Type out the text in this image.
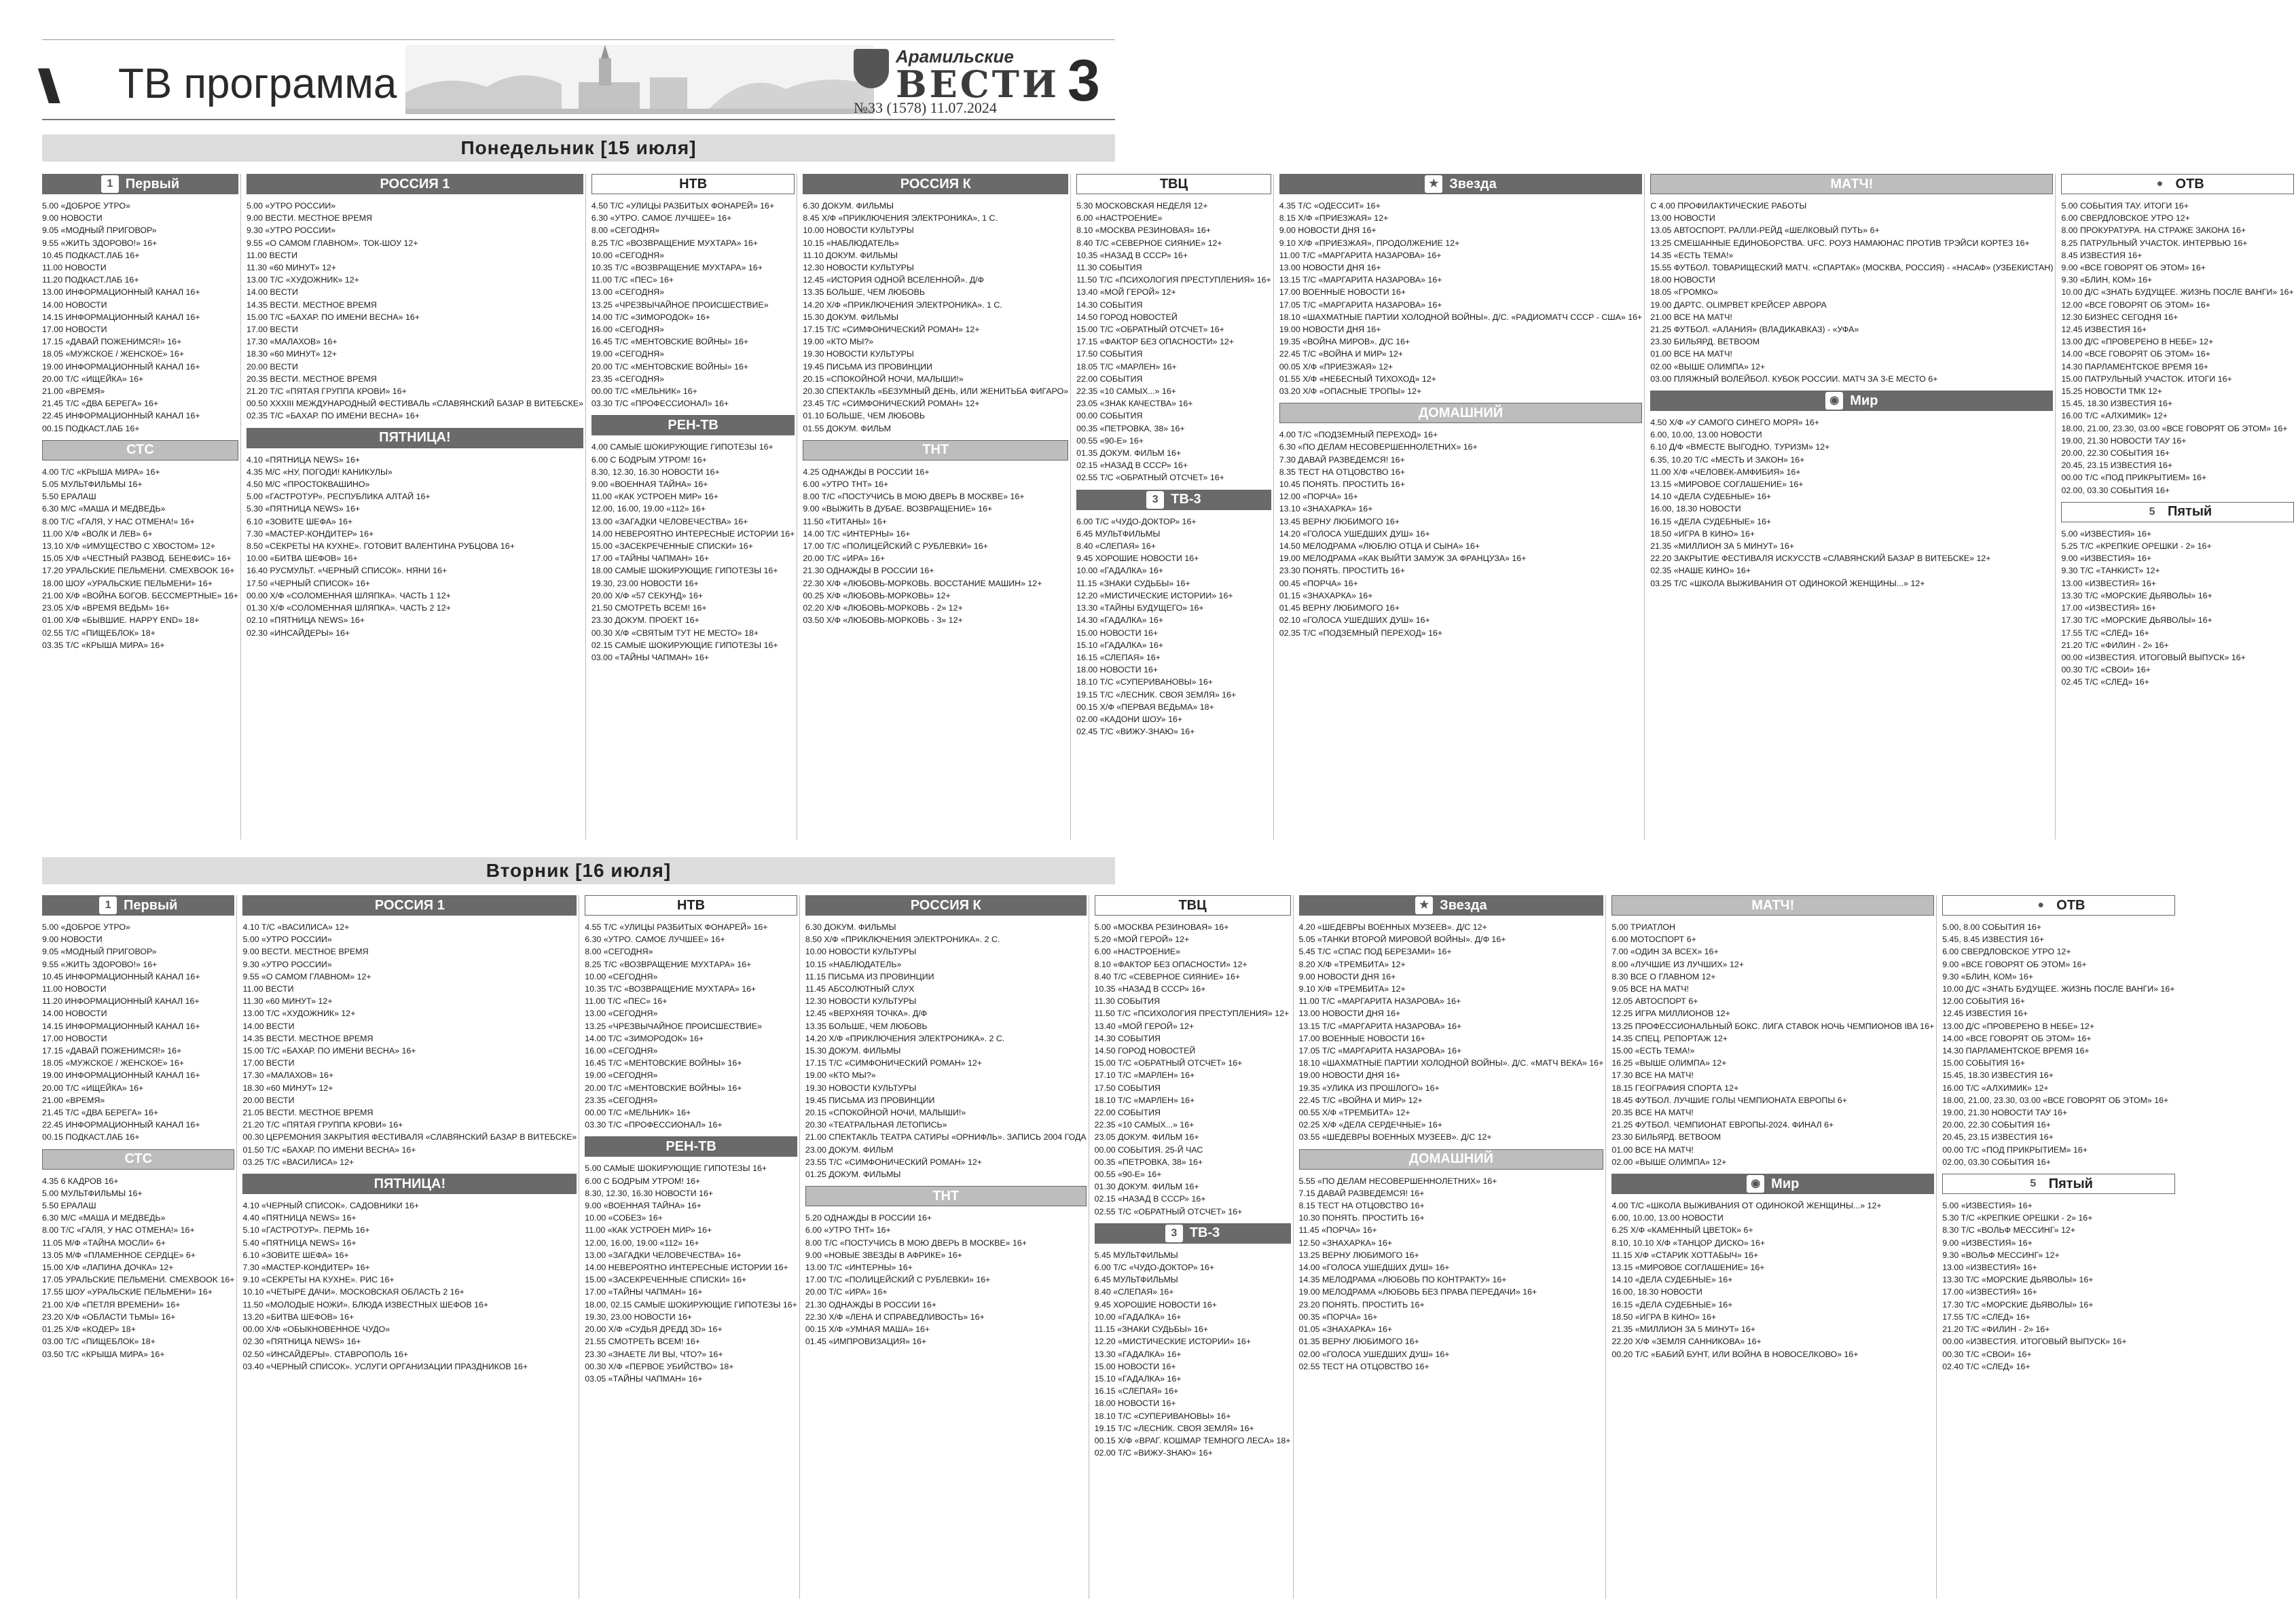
ТВ программа
Арамильские
ВЕСТИ
№33 (1578) 11.07.2024 3
Понедельник [15 июля]
1 Первый
5.00 «ДОБРОЕ УТРО»
9.00 НОВОСТИ
9.05 «МОДНЫЙ ПРИГОВОР»
9.55 «ЖИТЬ ЗДОРОВО!» 16+
10.45 ПОДКАСТ.ЛАБ 16+
11.00 НОВОСТИ
11.20 ПОДКАСТ.ЛАБ 16+
13.00 ИНФОРМАЦИОННЫЙ КАНАЛ 16+
14.00 НОВОСТИ
14.15 ИНФОРМАЦИОННЫЙ КАНАЛ 16+
17.00 НОВОСТИ
17.15 «ДАВАЙ ПОЖЕНИМСЯ!» 16+
18.05 «МУЖСКОЕ / ЖЕНСКОЕ» 16+
19.00 ИНФОРМАЦИОННЫЙ КАНАЛ 16+
20.00 Т/С «ИЩЕЙКА» 16+
21.00 «ВРЕМЯ»
21.45 Т/С «ДВА БЕРЕГА» 16+
22.45 ИНФОРМАЦИОННЫЙ КАНАЛ 16+
00.15 ПОДКАСТ.ЛАБ 16+
СТС
4.00 Т/С «КРЫША МИРА» 16+
5.05 МУЛЬТФИЛЬМЫ 16+
5.50 ЕРАЛАШ
6.30 М/С «МАША И МЕДВЕДЬ»
8.00 Т/С «ГАЛЯ, У НАС ОТМЕНА!» 16+
11.00 Х/Ф «ВОЛК И ЛЕВ» 6+
13.10 Х/Ф «ИМУЩЕСТВО С ХВОСТОМ» 12+
15.05 Х/Ф «ЧЕСТНЫЙ РАЗВОД. БЕНЕФИС» 16+
17.20 УРАЛЬСКИЕ ПЕЛЬМЕНИ. СМЕХBOOK 16+
18.00 ШОУ «УРАЛЬСКИЕ ПЕЛЬМЕНИ» 16+
21.00 Х/Ф «ВОЙНА БОГОВ. БЕССМЕРТНЫЕ» 16+
23.05 Х/Ф «ВРЕМЯ ВЕДЬМ» 16+
01.00 Х/Ф «БЫВШИЕ. HAPPY END» 18+
02.55 Т/С «ПИЩЕБЛОК» 18+
03.35 Т/С «КРЫША МИРА» 16+
РОССИЯ 1
5.00 «УТРО РОССИИ»
9.00 ВЕСТИ. МЕСТНОЕ ВРЕМЯ
9.30 «УТРО РОССИИ»
9.55 «О САМОМ ГЛАВНОМ». ТОК-ШОУ 12+
11.00 ВЕСТИ
11.30 «60 МИНУТ» 12+
13.00 Т/С «ХУДОЖНИК» 12+
14.00 ВЕСТИ
14.35 ВЕСТИ. МЕСТНОЕ ВРЕМЯ
15.00 Т/С «БАХАР. ПО ИМЕНИ ВЕСНА» 16+
17.00 ВЕСТИ
17.30 «МАЛАХОВ» 16+
18.30 «60 МИНУТ» 12+
20.00 ВЕСТИ
20.35 ВЕСТИ. МЕСТНОЕ ВРЕМЯ
21.20 Т/С «ПЯТАЯ ГРУППА КРОВИ» 16+
00.50 XXXIII МЕЖДУНАРОДНЫЙ ФЕСТИВАЛЬ «СЛАВЯНСКИЙ БАЗАР В ВИТЕБСКЕ»
02.35 Т/С «БАХАР. ПО ИМЕНИ ВЕСНА» 16+
ПЯТНИЦА!
4.10 «ПЯТНИЦА NEWS» 16+
4.35 М/С «НУ, ПОГОДИ! КАНИКУЛЫ»
4.50 М/С «ПРОСТОКВАШИНО»
5.00 «ГАСТРОТУР». РЕСПУБЛИКА АЛТАЙ 16+
5.30 «ПЯТНИЦА NEWS» 16+
6.10 «ЗОВИТЕ ШЕФА» 16+
7.30 «МАСТЕР-КОНДИТЕР» 16+
8.50 «СЕКРЕТЫ НА КУХНЕ». ГОТОВИТ ВАЛЕНТИНА РУБЦОВА 16+
10.00 «БИТВА ШЕФОВ» 16+
16.40 РУСМУЛЬТ. «ЧЕРНЫЙ СПИСОК». НЯНИ 16+
17.50 «ЧЕРНЫЙ СПИСОК» 16+
00.00 Х/Ф «СОЛОМЕННАЯ ШЛЯПКА». ЧАСТЬ 1 12+
01.30 Х/Ф «СОЛОМЕННАЯ ШЛЯПКА». ЧАСТЬ 2 12+
02.10 «ПЯТНИЦА NEWS» 16+
02.30 «ИНСАЙДЕРЫ» 16+
НТВ
4.50 Т/С «УЛИЦЫ РАЗБИТЫХ ФОНАРЕЙ» 16+
6.30 «УТРО. САМОЕ ЛУЧШЕЕ» 16+
8.00 «СЕГОДНЯ»
8.25 Т/С «ВОЗВРАЩЕНИЕ МУХТАРА» 16+
10.00 «СЕГОДНЯ»
10.35 Т/С «ВОЗВРАЩЕНИЕ МУХТАРА» 16+
11.00 Т/С «ПЕС» 16+
13.00 «СЕГОДНЯ»
13.25 «ЧРЕЗВЫЧАЙНОЕ ПРОИСШЕСТВИЕ»
14.00 Т/С «ЗИМОРОДОК» 16+
16.00 «СЕГОДНЯ»
16.45 Т/С «МЕНТОВСКИЕ ВОЙНЫ» 16+
19.00 «СЕГОДНЯ»
20.00 Т/С «МЕНТОВСКИЕ ВОЙНЫ» 16+
23.35 «СЕГОДНЯ»
00.00 Т/С «МЕЛЬНИК» 16+
03.30 Т/С «ПРОФЕССИОНАЛ» 16+
РЕН-ТВ
4.00 САМЫЕ ШОКИРУЮЩИЕ ГИПОТЕЗЫ 16+
6.00 С БОДРЫМ УТРОМ! 16+
8.30, 12.30, 16.30 НОВОСТИ 16+
9.00 «ВОЕННАЯ ТАЙНА» 16+
11.00 «КАК УСТРОЕН МИР» 16+
12.00, 16.00, 19.00 «112» 16+
13.00 «ЗАГАДКИ ЧЕЛОВЕЧЕСТВА» 16+
14.00 НЕВЕРОЯТНО ИНТЕРЕСНЫЕ ИСТОРИИ 16+
15.00 «ЗАСЕКРЕЧЕННЫЕ СПИСКИ» 16+
17.00 «ТАЙНЫ ЧАПМАН» 16+
18.00 САМЫЕ ШОКИРУЮЩИЕ ГИПОТЕЗЫ 16+
19.30, 23.00 НОВОСТИ 16+
20.00 Х/Ф «57 СЕКУНД» 16+
21.50 СМОТРЕТЬ ВСЕМ! 16+
23.30 ДОКУМ. ПРОЕКТ 16+
00.30 Х/Ф «СВЯТЫМ ТУТ НЕ МЕСТО» 18+
02.15 САМЫЕ ШОКИРУЮЩИЕ ГИПОТЕЗЫ 16+
03.00 «ТАЙНЫ ЧАПМАН» 16+
РОССИЯ К
6.30 ДОКУМ. ФИЛЬМЫ
8.45 Х/Ф «ПРИКЛЮЧЕНИЯ ЭЛЕКТРОНИКА», 1 С.
10.00 НОВОСТИ КУЛЬТУРЫ
10.15 «НАБЛЮДАТЕЛЬ»
11.10 ДОКУМ. ФИЛЬМЫ
12.30 НОВОСТИ КУЛЬТУРЫ
12.45 «ИСТОРИЯ ОДНОЙ ВСЕЛЕННОЙ». Д/Ф
13.35 БОЛЬШЕ, ЧЕМ ЛЮБОВЬ
14.20 Х/Ф «ПРИКЛЮЧЕНИЯ ЭЛЕКТРОНИКА». 1 С.
15.30 ДОКУМ. ФИЛЬМЫ
17.15 Т/С «СИМФОНИЧЕСКИЙ РОМАН» 12+
19.00 «КТО МЫ?»
19.30 НОВОСТИ КУЛЬТУРЫ
19.45 ПИСЬМА ИЗ ПРОВИНЦИИ
20.15 «СПОКОЙНОЙ НОЧИ, МАЛЫШИ!»
20.30 СПЕКТАКЛЬ «БЕЗУМНЫЙ ДЕНЬ, ИЛИ ЖЕНИТЬБА ФИГАРО»
23.45 Т/С «СИМФОНИЧЕСКИЙ РОМАН» 12+
01.10 БОЛЬШЕ, ЧЕМ ЛЮБОВЬ
01.55 ДОКУМ. ФИЛЬМ
ТНТ
4.25 ОДНАЖДЫ В РОССИИ 16+
6.00 «УТРО ТНТ» 16+
8.00 Т/С «ПОСТУЧИСЬ В МОЮ ДВЕРЬ В МОСКВЕ» 16+
9.00 «ВЫЖИТЬ В ДУБАЕ. ВОЗВРАЩЕНИЕ» 16+
11.50 «ТИТАНЫ» 16+
14.00 Т/С «ИНТЕРНЫ» 16+
17.00 Т/С «ПОЛИЦЕЙСКИЙ С РУБЛЕВКИ» 16+
20.00 Т/С «ИРА» 16+
21.30 ОДНАЖДЫ В РОССИИ 16+
22.30 Х/Ф «ЛЮБОВЬ-МОРКОВЬ. ВОССТАНИЕ МАШИН» 12+
00.25 Х/Ф «ЛЮБОВЬ-МОРКОВЬ» 12+
02.20 Х/Ф «ЛЮБОВЬ-МОРКОВЬ - 2» 12+
03.50 Х/Ф «ЛЮБОВЬ-МОРКОВЬ - 3» 12+
ТВЦ
5.30 МОСКОВСКАЯ НЕДЕЛЯ 12+
6.00 «НАСТРОЕНИЕ»
8.10 «МОСКВА РЕЗИНОВАЯ» 16+
8.40 Т/С «СЕВЕРНОЕ СИЯНИЕ» 12+
10.35 «НАЗАД В СССР» 16+
11.30 СОБЫТИЯ
11.50 Т/С «ПСИХОЛОГИЯ ПРЕСТУПЛЕНИЯ» 16+
13.40 «МОЙ ГЕРОЙ» 12+
14.30 СОБЫТИЯ
14.50 ГОРОД НОВОСТЕЙ
15.00 Т/С «ОБРАТНЫЙ ОТСЧЕТ» 16+
17.15 «ФАКТОР БЕЗ ОПАСНОСТИ» 12+
17.50 СОБЫТИЯ
18.05 Т/С «МАРЛЕН» 16+
22.00 СОБЫТИЯ
22.35 «10 САМЫХ...» 16+
23.05 «ЗНАК КАЧЕСТВА» 16+
00.00 СОБЫТИЯ
00.35 «ПЕТРОВКА, 38» 16+
00.55 «90-Е» 16+
01.35 ДОКУМ. ФИЛЬМ 16+
02.15 «НАЗАД В СССР» 16+
02.55 Т/С «ОБРАТНЫЙ ОТСЧЕТ» 16+
3 ТВ-3
6.00 Т/С «ЧУДО-ДОКТОР» 16+
6.45 МУЛЬТФИЛЬМЫ
8.40 «СЛЕПАЯ» 16+
9.45 ХОРОШИЕ НОВОСТИ 16+
10.00 «ГАДАЛКА» 16+
11.15 «ЗНАКИ СУДЬБЫ» 16+
12.20 «МИСТИЧЕСКИЕ ИСТОРИИ» 16+
13.30 «ТАЙНЫ БУДУЩЕГО» 16+
14.30 «ГАДАЛКА» 16+
15.00 НОВОСТИ 16+
15.10 «ГАДАЛКА» 16+
16.15 «СЛЕПАЯ» 16+
18.00 НОВОСТИ 16+
18.10 Т/С «СУПЕРИВАНОВЫ» 16+
19.15 Т/С «ЛЕСНИК. СВОЯ ЗЕМЛЯ» 16+
00.15 Х/Ф «ПЕРВАЯ ВЕДЬМА» 18+
02.00 «КАДОНИ ШОУ» 16+
02.45 Т/С «ВИЖУ-ЗНАЮ» 16+
★ Звезда
4.35 Т/С «ОДЕССИТ» 16+
8.15 Х/Ф «ПРИЕЗЖАЯ» 12+
9.00 НОВОСТИ ДНЯ 16+
9.10 Х/Ф «ПРИЕЗЖАЯ», ПРОДОЛЖЕНИЕ 12+
11.00 Т/С «МАРГАРИТА НАЗАРОВА» 16+
13.00 НОВОСТИ ДНЯ 16+
13.15 Т/С «МАРГАРИТА НАЗАРОВА» 16+
17.00 ВОЕННЫЕ НОВОСТИ 16+
17.05 Т/С «МАРГАРИТА НАЗАРОВА» 16+
18.10 «ШАХМАТНЫЕ ПАРТИИ ХОЛОДНОЙ ВОЙНЫ». Д/С. «РАДИОМАТЧ СССР - США» 16+
19.00 НОВОСТИ ДНЯ 16+
19.35 «ВОЙНА МИРОВ». Д/С 16+
22.45 Т/С «ВОЙНА И МИР» 12+
00.05 Х/Ф «ПРИЕЗЖАЯ» 12+
01.55 Х/Ф «НЕБЕСНЫЙ ТИХОХОД» 12+
03.20 Х/Ф «ОПАСНЫЕ ТРОПЫ» 12+
ДОМАШНИЙ
4.00 Т/С «ПОДЗЕМНЫЙ ПЕРЕХОД» 16+
6.30 «ПО ДЕЛАМ НЕСОВЕРШЕННОЛЕТНИХ» 16+
7.30 ДАВАЙ РАЗВЕДЕМСЯ! 16+
8.35 ТЕСТ НА ОТЦОВСТВО 16+
10.45 ПОНЯТЬ. ПРОСТИТЬ 16+
12.00 «ПОРЧА» 16+
13.10 «ЗНАХАРКА» 16+
13.45 ВЕРНУ ЛЮБИМОГО 16+
14.20 «ГОЛОСА УШЕДШИХ ДУШ» 16+
14.50 МЕЛОДРАМА «ЛЮБЛЮ ОТЦА И СЫНА» 16+
19.00 МЕЛОДРАМА «КАК ВЫЙТИ ЗАМУЖ ЗА ФРАНЦУЗА» 16+
23.30 ПОНЯТЬ. ПРОСТИТЬ 16+
00.45 «ПОРЧА» 16+
01.15 «ЗНАХАРКА» 16+
01.45 ВЕРНУ ЛЮБИМОГО 16+
02.10 «ГОЛОСА УШЕДШИХ ДУШ» 16+
02.35 Т/С «ПОДЗЕМНЫЙ ПЕРЕХОД» 16+
МАТЧ!
С 4.00 ПРОФИЛАКТИЧЕСКИЕ РАБОТЫ
13.00 НОВОСТИ
13.05 АВТОСПОРТ. РАЛЛИ-РЕЙД «ШЕЛКОВЫЙ ПУТЬ» 6+
13.25 СМЕШАННЫЕ ЕДИНОБОРСТВА. UFC. РОУЗ НАМАЮНАС ПРОТИВ ТРЭЙСИ КОРТЕЗ 16+
14.35 «ЕСТЬ ТЕМА!»
15.55 ФУТБОЛ. ТОВАРИЩЕСКИЙ МАТЧ. «СПАРТАК» (МОСКВА, РОССИЯ) - «НАСАФ» (УЗБЕКИСТАН)
18.00 НОВОСТИ
18.05 «ГРОМКО»
19.00 ДАРТС. OLIMPBET КРЕЙСЕР АВРОРА
21.00 ВСЕ НА МАТЧ!
21.25 ФУТБОЛ. «АЛАНИЯ» (ВЛАДИКАВКАЗ) - «УФА»
23.30 БИЛЬЯРД. BETBOOM
01.00 ВСЕ НА МАТЧ!
02.00 «ВЫШЕ ОЛИМПА» 12+
03.00 ПЛЯЖНЫЙ ВОЛЕЙБОЛ. КУБОК РОССИИ. МАТЧ ЗА 3-Е МЕСТО 6+
◉ Мир
4.50 Х/Ф «У САМОГО СИНЕГО МОРЯ» 16+
6.00, 10.00, 13.00 НОВОСТИ
6.10 Д/Ф «ВМЕСТЕ ВЫГОДНО. ТУРИЗМ» 12+
6.35, 10.20 Т/С «МЕСТЬ И ЗАКОН» 16+
11.00 Х/Ф «ЧЕЛОВЕК-АМФИБИЯ» 16+
13.15 «МИРОВОЕ СОГЛАШЕНИЕ» 16+
14.10 «ДЕЛА СУДЕБНЫЕ» 16+
16.00, 18.30 НОВОСТИ
16.15 «ДЕЛА СУДЕБНЫЕ» 16+
18.50 «ИГРА В КИНО» 16+
21.35 «МИЛЛИОН ЗА 5 МИНУТ» 16+
22.20 ЗАКРЫТИЕ ФЕСТИВАЛЯ ИСКУССТВ «СЛАВЯНСКИЙ БАЗАР В ВИТЕБСКЕ» 12+
02.35 «НАШЕ КИНО» 16+
03.25 Т/С «ШКОЛА ВЫЖИВАНИЯ ОТ ОДИНОКОЙ ЖЕНЩИНЫ...» 12+
● ОТВ
5.00 СОБЫТИЯ ТАУ. ИТОГИ 16+
6.00 СВЕРДЛОВСКОЕ УТРО 12+
8.00 ПРОКУРАТУРА. НА СТРАЖЕ ЗАКОНА 16+
8.25 ПАТРУЛЬНЫЙ УЧАСТОК. ИНТЕРВЬЮ 16+
8.45 ИЗВЕСТИЯ 16+
9.00 «ВСЕ ГОВОРЯТ ОБ ЭТОМ» 16+
9.30 «БЛИН, КОМ» 16+
10.00 Д/С «ЗНАТЬ БУДУЩЕЕ. ЖИЗНЬ ПОСЛЕ ВАНГИ» 16+
12.00 «ВСЕ ГОВОРЯТ ОБ ЭТОМ» 16+
12.30 БИЗНЕС СЕГОДНЯ 16+
12.45 ИЗВЕСТИЯ 16+
13.00 Д/С «ПРОВЕРЕНО В НЕБЕ» 12+
14.00 «ВСЕ ГОВОРЯТ ОБ ЭТОМ» 16+
14.30 ПАРЛАМЕНТСКОЕ ВРЕМЯ 16+
15.00 ПАТРУЛЬНЫЙ УЧАСТОК. ИТОГИ 16+
15.25 НОВОСТИ ТМК 12+
15.45, 18.30 ИЗВЕСТИЯ 16+
16.00 Т/С «АЛХИМИК» 12+
18.00, 21.00, 23.30, 03.00 «ВСЕ ГОВОРЯТ ОБ ЭТОМ» 16+
19.00, 21.30 НОВОСТИ ТАУ 16+
20.00, 22.30 СОБЫТИЯ 16+
20.45, 23.15 ИЗВЕСТИЯ 16+
00.00 Т/С «ПОД ПРИКРЫТИЕМ» 16+
02.00, 03.30 СОБЫТИЯ 16+
5 Пятый
5.00 «ИЗВЕСТИЯ» 16+
5.25 Т/С «КРЕПКИЕ ОРЕШКИ - 2» 16+
9.00 «ИЗВЕСТИЯ» 16+
9.30 Т/С «ТАНКИСТ» 12+
13.00 «ИЗВЕСТИЯ» 16+
13.30 Т/С «МОРСКИЕ ДЬЯВОЛЫ» 16+
17.00 «ИЗВЕСТИЯ» 16+
17.30 Т/С «МОРСКИЕ ДЬЯВОЛЫ» 16+
17.55 Т/С «СЛЕД» 16+
21.20 Т/С «ФИЛИН - 2» 16+
00.00 «ИЗВЕСТИЯ. ИТОГОВЫЙ ВЫПУСК» 16+
00.30 Т/С «СВОИ» 16+
02.45 Т/С «СЛЕД» 16+
Вторник [16 июля]
1 Первый
5.00 «ДОБРОЕ УТРО»
9.00 НОВОСТИ
9.05 «МОДНЫЙ ПРИГОВОР»
9.55 «ЖИТЬ ЗДОРОВО!» 16+
10.45 ИНФОРМАЦИОННЫЙ КАНАЛ 16+
11.00 НОВОСТИ
11.20 ИНФОРМАЦИОННЫЙ КАНАЛ 16+
14.00 НОВОСТИ
14.15 ИНФОРМАЦИОННЫЙ КАНАЛ 16+
17.00 НОВОСТИ
17.15 «ДАВАЙ ПОЖЕНИМСЯ!» 16+
18.05 «МУЖСКОЕ / ЖЕНСКОЕ» 16+
19.00 ИНФОРМАЦИОННЫЙ КАНАЛ 16+
20.00 Т/С «ИЩЕЙКА» 16+
21.00 «ВРЕМЯ»
21.45 Т/С «ДВА БЕРЕГА» 16+
22.45 ИНФОРМАЦИОННЫЙ КАНАЛ 16+
00.15 ПОДКАСТ.ЛАБ 16+
СТС
4.35 6 КАДРОВ 16+
5.00 МУЛЬТФИЛЬМЫ 16+
5.50 ЕРАЛАШ
6.30 М/С «МАША И МЕДВЕДЬ»
8.00 Т/С «ГАЛЯ, У НАС ОТМЕНА!» 16+
11.05 М/Ф «ТАЙНА МОСЛИ» 6+
13.05 М/Ф «ПЛАМЕННОЕ СЕРДЦЕ» 6+
15.00 Х/Ф «ЛАПИНА ДОЧКА» 12+
17.05 УРАЛЬСКИЕ ПЕЛЬМЕНИ. СМЕХBOOK 16+
17.55 ШОУ «УРАЛЬСКИЕ ПЕЛЬМЕНИ» 16+
21.00 Х/Ф «ПЕТЛЯ ВРЕМЕНИ» 16+
23.20 Х/Ф «ОБЛАСТИ ТЬМЫ» 16+
01.25 Х/Ф «КОДЕР» 18+
03.00 Т/С «ПИЩЕБЛОК» 18+
03.50 Т/С «КРЫША МИРА» 16+
РОССИЯ 1
4.10 Т/С «ВАСИЛИСА» 12+
5.00 «УТРО РОССИИ»
9.00 ВЕСТИ. МЕСТНОЕ ВРЕМЯ
9.30 «УТРО РОССИИ»
9.55 «О САМОМ ГЛАВНОМ» 12+
11.00 ВЕСТИ
11.30 «60 МИНУТ» 12+
13.00 Т/С «ХУДОЖНИК» 12+
14.00 ВЕСТИ
14.35 ВЕСТИ. МЕСТНОЕ ВРЕМЯ
15.00 Т/С «БАХАР. ПО ИМЕНИ ВЕСНА» 16+
17.00 ВЕСТИ
17.30 «МАЛАХОВ» 16+
18.30 «60 МИНУТ» 12+
20.00 ВЕСТИ
21.05 ВЕСТИ. МЕСТНОЕ ВРЕМЯ
21.20 Т/С «ПЯТАЯ ГРУППА КРОВИ» 16+
00.30 ЦЕРЕМОНИЯ ЗАКРЫТИЯ ФЕСТИВАЛЯ «СЛАВЯНСКИЙ БАЗАР В ВИТЕБСКЕ»
01.50 Т/С «БАХАР. ПО ИМЕНИ ВЕСНА» 16+
03.25 Т/С «ВАСИЛИСА» 12+
ПЯТНИЦА!
4.10 «ЧЕРНЫЙ СПИСОК». САДОВНИКИ 16+
4.40 «ПЯТНИЦА NEWS» 16+
5.10 «ГАСТРОТУР». ПЕРМЬ 16+
5.40 «ПЯТНИЦА NEWS» 16+
6.10 «ЗОВИТЕ ШЕФА» 16+
7.30 «МАСТЕР-КОНДИТЕР» 16+
9.10 «СЕКРЕТЫ НА КУХНЕ». РИС 16+
10.10 «ЧЕТЫРЕ ДАЧИ». МОСКОВСКАЯ ОБЛАСТЬ 2 16+
11.50 «МОЛОДЫЕ НОЖИ». БЛЮДА ИЗВЕСТНЫХ ШЕФОВ 16+
13.20 «БИТВА ШЕФОВ» 16+
00.00 Х/Ф «ОБЫКНОВЕННОЕ ЧУДО»
02.30 «ПЯТНИЦА NEWS» 16+
02.50 «ИНСАЙДЕРЫ». СТАВРОПОЛЬ 16+
03.40 «ЧЕРНЫЙ СПИСОК». УСЛУГИ ОРГАНИЗАЦИИ ПРАЗДНИКОВ 16+
НТВ
4.55 Т/С «УЛИЦЫ РАЗБИТЫХ ФОНАРЕЙ» 16+
6.30 «УТРО. САМОЕ ЛУЧШЕЕ» 16+
8.00 «СЕГОДНЯ»
8.25 Т/С «ВОЗВРАЩЕНИЕ МУХТАРА» 16+
10.00 «СЕГОДНЯ»
10.35 Т/С «ВОЗВРАЩЕНИЕ МУХТАРА» 16+
11.00 Т/С «ПЕС» 16+
13.00 «СЕГОДНЯ»
13.25 «ЧРЕЗВЫЧАЙНОЕ ПРОИСШЕСТВИЕ»
14.00 Т/С «ЗИМОРОДОК» 16+
16.00 «СЕГОДНЯ»
16.45 Т/С «МЕНТОВСКИЕ ВОЙНЫ» 16+
19.00 «СЕГОДНЯ»
20.00 Т/С «МЕНТОВСКИЕ ВОЙНЫ» 16+
23.35 «СЕГОДНЯ»
00.00 Т/С «МЕЛЬНИК» 16+
03.30 Т/С «ПРОФЕССИОНАЛ» 16+
РЕН-ТВ
5.00 САМЫЕ ШОКИРУЮЩИЕ ГИПОТЕЗЫ 16+
6.00 С БОДРЫМ УТРОМ! 16+
8.30, 12.30, 16.30 НОВОСТИ 16+
9.00 «ВОЕННАЯ ТАЙНА» 16+
10.00 «СОБЕЗ» 16+
11.00 «КАК УСТРОЕН МИР» 16+
12.00, 16.00, 19.00 «112» 16+
13.00 «ЗАГАДКИ ЧЕЛОВЕЧЕСТВА» 16+
14.00 НЕВЕРОЯТНО ИНТЕРЕСНЫЕ ИСТОРИИ 16+
15.00 «ЗАСЕКРЕЧЕННЫЕ СПИСКИ» 16+
17.00 «ТАЙНЫ ЧАПМАН» 16+
18.00, 02.15 САМЫЕ ШОКИРУЮЩИЕ ГИПОТЕЗЫ 16+
19.30, 23.00 НОВОСТИ 16+
20.00 Х/Ф «СУДЬЯ ДРЕДД 3D» 16+
21.55 СМОТРЕТЬ ВСЕМ! 16+
23.30 «ЗНАЕТЕ ЛИ ВЫ, ЧТО?» 16+
00.30 Х/Ф «ПЕРВОЕ УБИЙСТВО» 18+
03.05 «ТАЙНЫ ЧАПМАН» 16+
РОССИЯ К
6.30 ДОКУМ. ФИЛЬМЫ
8.50 Х/Ф «ПРИКЛЮЧЕНИЯ ЭЛЕКТРОНИКА». 2 С.
10.00 НОВОСТИ КУЛЬТУРЫ
10.15 «НАБЛЮДАТЕЛЬ»
11.15 ПИСЬМА ИЗ ПРОВИНЦИИ
11.45 АБСОЛЮТНЫЙ СЛУХ
12.30 НОВОСТИ КУЛЬТУРЫ
12.45 «ВЕРХНЯЯ ТОЧКА». Д/Ф
13.35 БОЛЬШЕ, ЧЕМ ЛЮБОВЬ
14.20 Х/Ф «ПРИКЛЮЧЕНИЯ ЭЛЕКТРОНИКА». 2 С.
15.30 ДОКУМ. ФИЛЬМЫ
17.15 Т/С «СИМФОНИЧЕСКИЙ РОМАН» 12+
19.00 «КТО МЫ?»
19.30 НОВОСТИ КУЛЬТУРЫ
19.45 ПИСЬМА ИЗ ПРОВИНЦИИ
20.15 «СПОКОЙНОЙ НОЧИ, МАЛЫШИ!»
20.30 «ТЕАТРАЛЬНАЯ ЛЕТОПИСЬ»
21.00 СПЕКТАКЛЬ ТЕАТРА САТИРЫ «ОРНИФЛЬ». ЗАПИСЬ 2004 ГОДА
23.00 ДОКУМ. ФИЛЬМ
23.55 Т/С «СИМФОНИЧЕСКИЙ РОМАН» 12+
01.25 ДОКУМ. ФИЛЬМЫ
ТНТ
5.20 ОДНАЖДЫ В РОССИИ 16+
6.00 «УТРО ТНТ» 16+
8.00 Т/С «ПОСТУЧИСЬ В МОЮ ДВЕРЬ В МОСКВЕ» 16+
9.00 «НОВЫЕ ЗВЕЗДЫ В АФРИКЕ» 16+
13.00 Т/С «ИНТЕРНЫ» 16+
17.00 Т/С «ПОЛИЦЕЙСКИЙ С РУБЛЕВКИ» 16+
20.00 Т/С «ИРА» 16+
21.30 ОДНАЖДЫ В РОССИИ 16+
22.30 Х/Ф «ЛЕНА И СПРАВЕДЛИВОСТЬ» 16+
00.15 Х/Ф «УМНАЯ МАША» 16+
01.45 «ИМПРОВИЗАЦИЯ» 16+
ТВЦ
5.00 «МОСКВА РЕЗИНОВАЯ» 16+
5.20 «МОЙ ГЕРОЙ» 12+
6.00 «НАСТРОЕНИЕ»
8.10 «ФАКТОР БЕЗ ОПАСНОСТИ» 12+
8.40 Т/С «СЕВЕРНОЕ СИЯНИЕ» 16+
10.35 «НАЗАД В СССР» 16+
11.30 СОБЫТИЯ
11.50 Т/С «ПСИХОЛОГИЯ ПРЕСТУПЛЕНИЯ» 12+
13.40 «МОЙ ГЕРОЙ» 12+
14.30 СОБЫТИЯ
14.50 ГОРОД НОВОСТЕЙ
15.00 Т/С «ОБРАТНЫЙ ОТСЧЕТ» 16+
17.10 Т/С «МАРЛЕН» 16+
17.50 СОБЫТИЯ
18.10 Т/С «МАРЛЕН» 16+
22.00 СОБЫТИЯ
22.35 «10 САМЫХ...» 16+
23.05 ДОКУМ. ФИЛЬМ 16+
00.00 СОБЫТИЯ. 25-Й ЧАС
00.35 «ПЕТРОВКА, 38» 16+
00.55 «90-Е» 16+
01.30 ДОКУМ. ФИЛЬМ 16+
02.15 «НАЗАД В СССР» 16+
02.55 Т/С «ОБРАТНЫЙ ОТСЧЕТ» 16+
3 ТВ-3
5.45 МУЛЬТФИЛЬМЫ
6.00 Т/С «ЧУДО-ДОКТОР» 16+
6.45 МУЛЬТФИЛЬМЫ
8.40 «СЛЕПАЯ» 16+
9.45 ХОРОШИЕ НОВОСТИ 16+
10.00 «ГАДАЛКА» 16+
11.15 «ЗНАКИ СУДЬБЫ» 16+
12.20 «МИСТИЧЕСКИЕ ИСТОРИИ» 16+
13.30 «ГАДАЛКА» 16+
15.00 НОВОСТИ 16+
15.10 «ГАДАЛКА» 16+
16.15 «СЛЕПАЯ» 16+
18.00 НОВОСТИ 16+
18.10 Т/С «СУПЕРИВАНОВЫ» 16+
19.15 Т/С «ЛЕСНИК. СВОЯ ЗЕМЛЯ» 16+
00.15 Х/Ф «ВРАГ. КОШМАР ТЕМНОГО ЛЕСА» 18+
02.00 Т/С «ВИЖУ-ЗНАЮ» 16+
★ Звезда
4.20 «ШЕДЕВРЫ ВОЕННЫХ МУЗЕЕВ». Д/С 12+
5.05 «ТАНКИ ВТОРОЙ МИРОВОЙ ВОЙНЫ». Д/Ф 16+
5.45 Т/С «СПАС ПОД БЕРЕЗАМИ» 16+
8.20 Х/Ф «ТРЕМБИТА» 12+
9.00 НОВОСТИ ДНЯ 16+
9.10 Х/Ф «ТРЕМБИТА» 12+
11.00 Т/С «МАРГАРИТА НАЗАРОВА» 16+
13.00 НОВОСТИ ДНЯ 16+
13.15 Т/С «МАРГАРИТА НАЗАРОВА» 16+
17.00 ВОЕННЫЕ НОВОСТИ 16+
17.05 Т/С «МАРГАРИТА НАЗАРОВА» 16+
18.10 «ШАХМАТНЫЕ ПАРТИИ ХОЛОДНОЙ ВОЙНЫ». Д/С. «МАТЧ ВЕКА» 16+
19.00 НОВОСТИ ДНЯ 16+
19.35 «УЛИКА ИЗ ПРОШЛОГО» 16+
22.45 Т/С «ВОЙНА И МИР» 12+
00.55 Х/Ф «ТРЕМБИТА» 12+
02.25 Х/Ф «ДЕЛА СЕРДЕЧНЫЕ» 16+
03.55 «ШЕДЕВРЫ ВОЕННЫХ МУЗЕЕВ». Д/С 12+
ДОМАШНИЙ
5.55 «ПО ДЕЛАМ НЕСОВЕРШЕННОЛЕТНИХ» 16+
7.15 ДАВАЙ РАЗВЕДЕМСЯ! 16+
8.15 ТЕСТ НА ОТЦОВСТВО 16+
10.30 ПОНЯТЬ. ПРОСТИТЬ 16+
11.45 «ПОРЧА» 16+
12.50 «ЗНАХАРКА» 16+
13.25 ВЕРНУ ЛЮБИМОГО 16+
14.00 «ГОЛОСА УШЕДШИХ ДУШ» 16+
14.35 МЕЛОДРАМА «ЛЮБОВЬ ПО КОНТРАКТУ» 16+
19.00 МЕЛОДРАМА «ЛЮБОВЬ БЕЗ ПРАВА ПЕРЕДАЧИ» 16+
23.20 ПОНЯТЬ. ПРОСТИТЬ 16+
00.35 «ПОРЧА» 16+
01.05 «ЗНАХАРКА» 16+
01.35 ВЕРНУ ЛЮБИМОГО 16+
02.00 «ГОЛОСА УШЕДШИХ ДУШ» 16+
02.55 ТЕСТ НА ОТЦОВСТВО 16+
МАТЧ!
5.00 ТРИАТЛОН
6.00 МОТОСПОРТ 6+
7.00 «ОДИН ЗА ВСЕХ» 16+
8.00 «ЛУЧШИЕ ИЗ ЛУЧШИХ» 12+
8.30 ВСЕ О ГЛАВНОМ 12+
9.05 ВСЕ НА МАТЧ!
12.05 АВТОСПОРТ 6+
12.25 ИГРА МИЛЛИОНОВ 12+
13.25 ПРОФЕССИОНАЛЬНЫЙ БОКС. ЛИГА СТАВОК НОЧЬ ЧЕМПИОНОВ IBA 16+
14.35 СПЕЦ. РЕПОРТАЖ 12+
15.00 «ЕСТЬ ТЕМА!»
16.25 «ВЫШЕ ОЛИМПА» 12+
17.30 ВСЕ НА МАТЧ!
18.15 ГЕОГРАФИЯ СПОРТА 12+
18.45 ФУТБОЛ. ЛУЧШИЕ ГОЛЫ ЧЕМПИОНАТА ЕВРОПЫ 6+
20.35 ВСЕ НА МАТЧ!
21.25 ФУТБОЛ. ЧЕМПИОНАТ ЕВРОПЫ-2024. ФИНАЛ 6+
23.30 БИЛЬЯРД. BETBOOM
01.00 ВСЕ НА МАТЧ!
02.00 «ВЫШЕ ОЛИМПА» 12+
◉ Мир
4.00 Т/С «ШКОЛА ВЫЖИВАНИЯ ОТ ОДИНОКОЙ ЖЕНЩИНЫ...» 12+
6.00, 10.00, 13.00 НОВОСТИ
6.25 Х/Ф «КАМЕННЫЙ ЦВЕТОК» 6+
8.10, 10.10 Х/Ф «ТАНЦОР ДИСКО» 16+
11.15 Х/Ф «СТАРИК ХОТТАБЫЧ» 16+
13.15 «МИРОВОЕ СОГЛАШЕНИЕ» 16+
14.10 «ДЕЛА СУДЕБНЫЕ» 16+
16.00, 18.30 НОВОСТИ
16.15 «ДЕЛА СУДЕБНЫЕ» 16+
18.50 «ИГРА В КИНО» 16+
21.35 «МИЛЛИОН ЗА 5 МИНУТ» 16+
22.20 Х/Ф «ЗЕМЛЯ САННИКОВА» 16+
00.20 Т/С «БАБИЙ БУНТ, ИЛИ ВОЙНА В НОВОСЕЛКОВО» 16+
● ОТВ
5.00, 8.00 СОБЫТИЯ 16+
5.45, 8.45 ИЗВЕСТИЯ 16+
6.00 СВЕРДЛОВСКОЕ УТРО 12+
9.00 «ВСЕ ГОВОРЯТ ОБ ЭТОМ» 16+
9.30 «БЛИН, КОМ» 16+
10.00 Д/С «ЗНАТЬ БУДУЩЕЕ. ЖИЗНЬ ПОСЛЕ ВАНГИ» 16+
12.00 СОБЫТИЯ 16+
12.45 ИЗВЕСТИЯ 16+
13.00 Д/С «ПРОВЕРЕНО В НЕБЕ» 12+
14.00 «ВСЕ ГОВОРЯТ ОБ ЭТОМ» 16+
14.30 ПАРЛАМЕНТСКОЕ ВРЕМЯ 16+
15.00 СОБЫТИЯ 16+
15.45, 18.30 ИЗВЕСТИЯ 16+
16.00 Т/С «АЛХИМИК» 12+
18.00, 21.00, 23.30, 03.00 «ВСЕ ГОВОРЯТ ОБ ЭТОМ» 16+
19.00, 21.30 НОВОСТИ ТАУ 16+
20.00, 22.30 СОБЫТИЯ 16+
20.45, 23.15 ИЗВЕСТИЯ 16+
00.00 Т/С «ПОД ПРИКРЫТИЕМ» 16+
02.00, 03.30 СОБЫТИЯ 16+
5 Пятый
5.00 «ИЗВЕСТИЯ» 16+
5.30 Т/С «КРЕПКИЕ ОРЕШКИ - 2» 16+
8.30 Т/С «ВОЛЬФ МЕССИНГ» 12+
9.00 «ИЗВЕСТИЯ» 16+
9.30 «ВОЛЬФ МЕССИНГ» 12+
13.00 «ИЗВЕСТИЯ» 16+
13.30 Т/С «МОРСКИЕ ДЬЯВОЛЫ» 16+
17.00 «ИЗВЕСТИЯ» 16+
17.30 Т/С «МОРСКИЕ ДЬЯВОЛЫ» 16+
17.55 Т/С «СЛЕД» 16+
21.20 Т/С «ФИЛИН - 2» 16+
00.00 «ИЗВЕСТИЯ. ИТОГОВЫЙ ВЫПУСК» 16+
00.30 Т/С «СВОИ» 16+
02.40 Т/С «СЛЕД» 16+
